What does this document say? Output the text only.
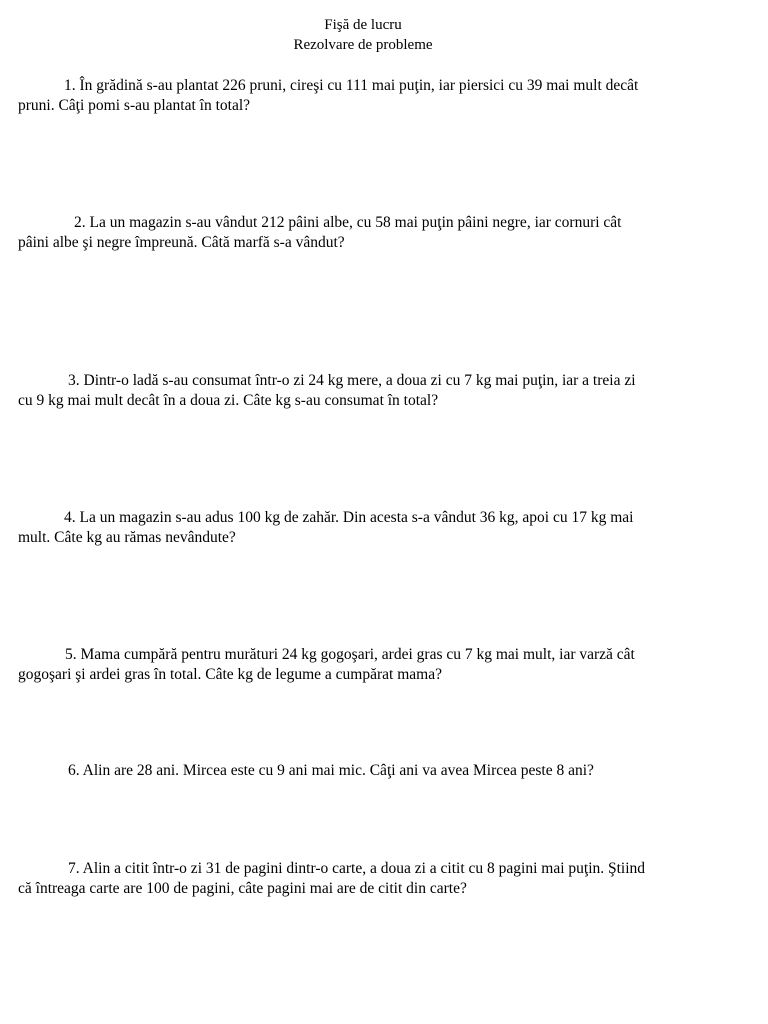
Fişă de lucru
Rezolvare de probleme
1. În grădină s-au plantat 226 pruni, cireşi cu 111 mai puţin, iar piersici cu 39 mai mult decât
pruni. Câţi pomi s-au plantat în total?
2. La un magazin s-au vândut 212 pâini albe, cu 58 mai puţin pâini negre, iar cornuri cât
pâini albe şi negre împreună. Câtă marfă s-a vândut?
3. Dintr-o ladă s-au consumat într-o zi 24 kg mere, a doua zi cu 7 kg mai puţin, iar a treia zi
cu 9 kg mai mult decât în a doua zi. Câte kg s-au consumat în total?
4. La un magazin s-au adus 100 kg de zahăr. Din acesta s-a vândut 36 kg, apoi cu 17 kg mai
mult. Câte kg au rămas nevândute?
5. Mama cumpără pentru murături 24 kg gogoşari, ardei gras cu 7 kg mai mult, iar varză cât
gogoşari şi ardei gras în total. Câte kg de legume a cumpărat mama?
6. Alin are 28 ani. Mircea este cu 9 ani mai mic. Câţi ani va avea Mircea peste 8 ani?
7. Alin a citit într-o zi 31 de pagini dintr-o carte, a doua zi a citit cu 8 pagini mai puţin. Ştiind
că întreaga carte are 100 de pagini, câte pagini mai are de citit din carte?
